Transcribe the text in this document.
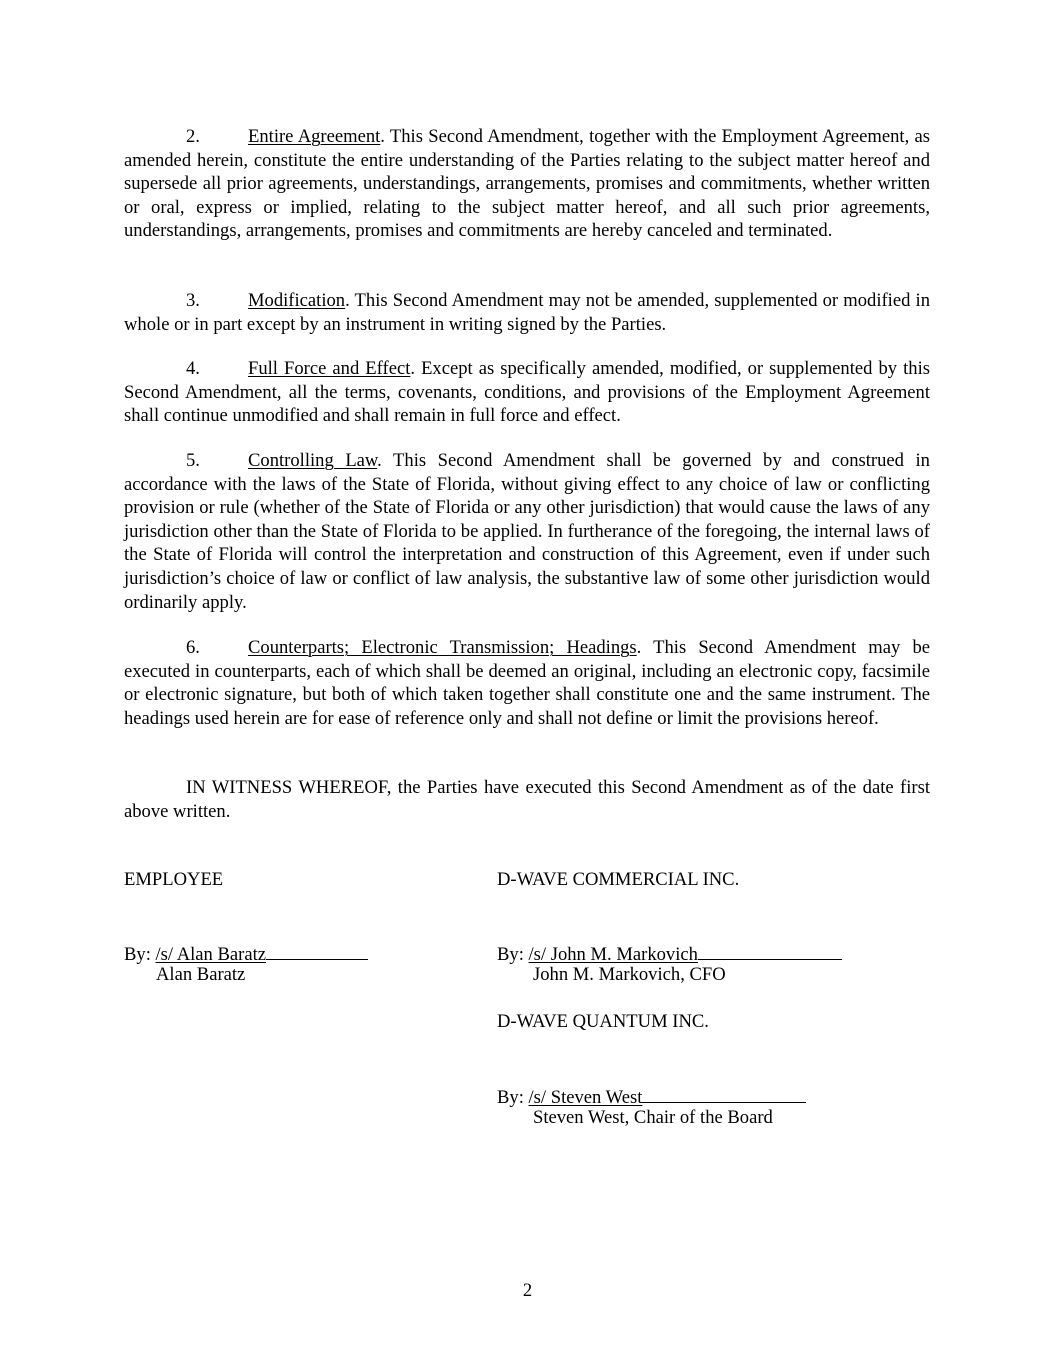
2.	Entire Agreement. This Second Amendment, together with the Employment Agreement, as amended herein, constitute the entire understanding of the Parties relating to the subject matter hereof and supersede all prior agreements, understandings, arrangements, promises and commitments, whether written or oral, express or implied, relating to the subject matter hereof, and all such prior agreements, understandings, arrangements, promises and commitments are hereby canceled and terminated.

3.	Modification. This Second Amendment may not be amended, supplemented or modified in whole or in part except by an instrument in writing signed by the Parties.

4.	Full Force and Effect. Except as specifically amended, modified, or supplemented by this Second Amendment, all the terms, covenants, conditions, and provisions of the Employment Agreement shall continue unmodified and shall remain in full force and effect.

5.	Controlling Law. This Second Amendment shall be governed by and construed in accordance with the laws of the State of Florida, without giving effect to any choice of law or conflicting provision or rule (whether of the State of Florida or any other jurisdiction) that would cause the laws of any jurisdiction other than the State of Florida to be applied. In furtherance of the foregoing, the internal laws of the State of Florida will control the interpretation and construction of this Agreement, even if under such jurisdiction’s choice of law or conflict of law analysis, the substantive law of some other jurisdiction would ordinarily apply.

6.	Counterparts; Electronic Transmission; Headings. This Second Amendment may be executed in counterparts, each of which shall be deemed an original, including an electronic copy, facsimile or electronic signature, but both of which taken together shall constitute one and the same instrument. The headings used herein are for ease of reference only and shall not define or limit the provisions hereof.

IN WITNESS WHEREOF, the Parties have executed this Second Amendment as of the date first above written.

EMPLOYEE

By: /s/ Alan Baratz

Alan Baratz

D-WAVE COMMERCIAL INC.

By: /s/ John M. Markovich

John M. Markovich, CFO

D-WAVE QUANTUM INC.

By: /s/ Steven West

Steven West, Chair of the Board

2
